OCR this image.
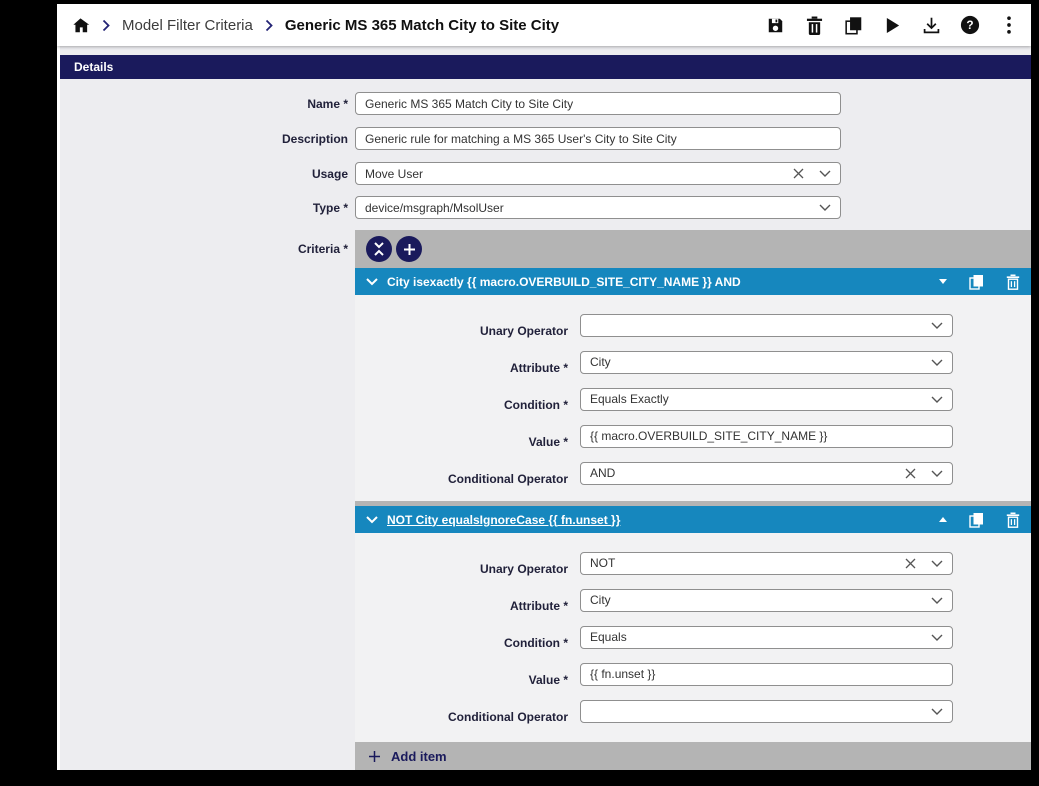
Model Filter Criteria Generic MS 365 Match City to Site City	?
Details
Name *
Generic MS 365 Match City to Site City
Description
Generic rule for matching a MS 365 User's City to Site City
Usage Move User
Type * device/msgraph/MsolUser
Criteria *
City isexactly {{ macro.OVERBUILD_SITE_CITY_NAME }} AND
Unary Operator
Attribute * City
Condition * Equals Exactly
Value *
{{ macro.OVERBUILD_SITE_CITY_NAME }}
Conditional Operator AND
NOT City equalsIgnoreCase {{ fn.unset }}
Unary Operator NOT
Attribute * City
Condition * Equals
Value *
{{ fn.unset }}
Conditional Operator
Add item
